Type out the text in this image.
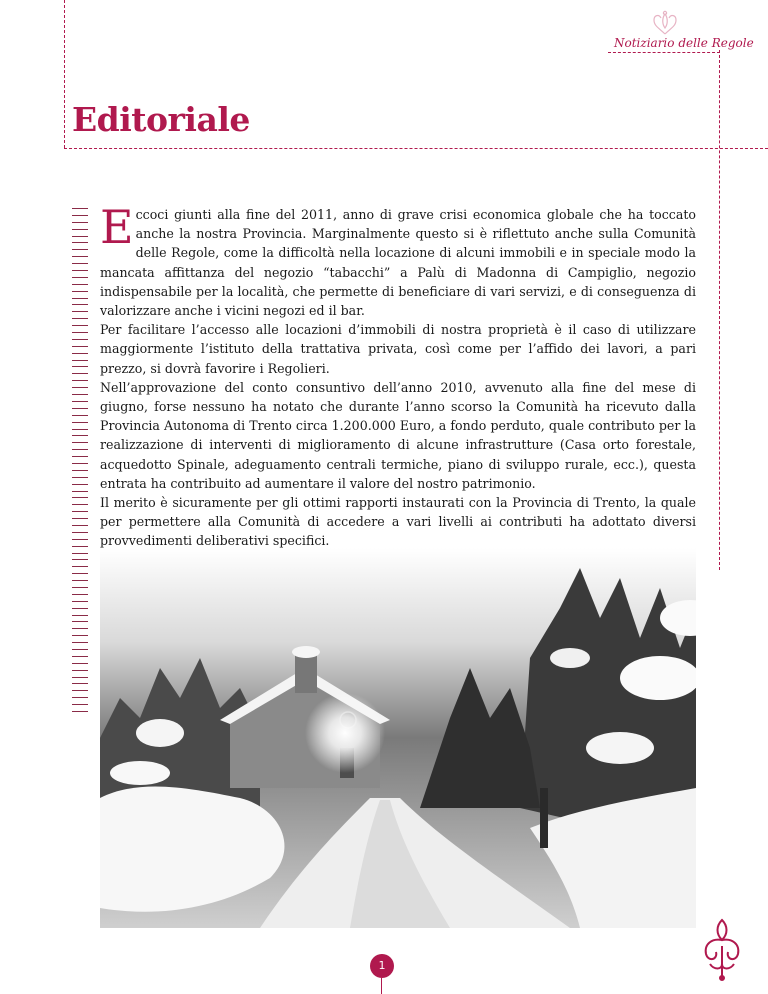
Notiziario delle Regole
Editoriale

Eccoci giunti alla fine del 2011, anno di grave crisi economica globale che ha toccato anche la nostra Provincia. Marginalmente questo si è riflettuto anche sulla Comunità delle Regole, come la difficoltà nella locazione di alcuni immobili e in speciale modo la mancata affittanza del negozio “tabacchi” a Palù di Madonna di Campiglio, negozio indispensabile per la località, che permette di beneficiare di vari servizi, e di conseguenza di valorizzare anche i vicini negozi ed il bar.

Per facilitare l’accesso alle locazioni d’immobili di nostra proprietà è il caso di utilizzare maggiormente l’istituto della trattativa privata, così come per l’affido dei lavori, a pari prezzo, si dovrà favorire i Regolieri.

Nell’approvazione del conto consuntivo dell’anno 2010, avvenuto alla fine del mese di giugno, forse nessuno ha notato che durante l’anno scorso la Comunità ha ricevuto dalla Provincia Autonoma di Trento circa 1.200.000 Euro, a fondo perduto, quale contributo per la realizzazione di interventi di miglioramento di alcune infrastrutture (Casa orto forestale, acquedotto Spinale, adeguamento centrali termiche, piano di sviluppo rurale, ecc.), questa entrata ha contribuito ad aumentare il valore del nostro patrimonio.

Il merito è sicuramente per gli ottimi rapporti instaurati con la Provincia di Trento, la quale per permettere alla Comunità di accedere a vari livelli ai contributi ha adottato diversi provvedimenti deliberativi specifici.

1
